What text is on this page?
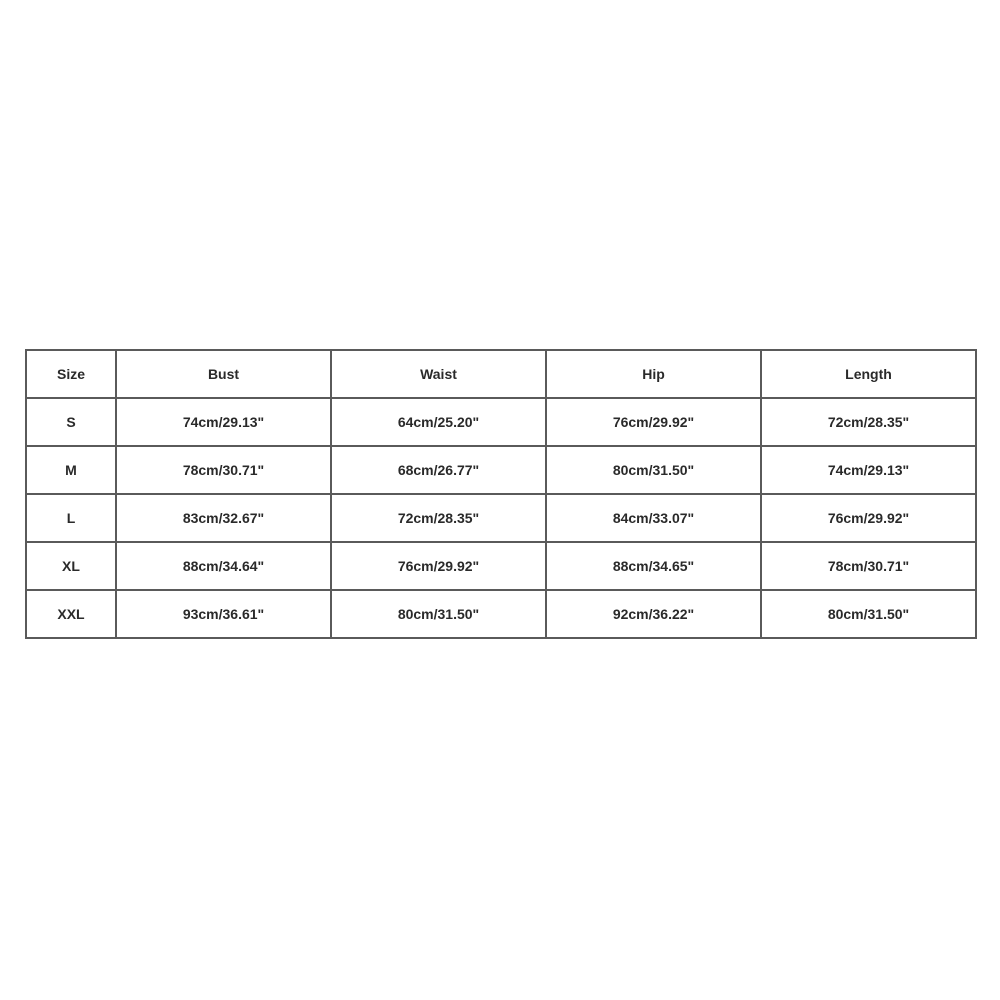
Size	Bust	Waist	Hip	Length
S	74cm/29.13"	64cm/25.20"	76cm/29.92"	72cm/28.35"
M	78cm/30.71"	68cm/26.77"	80cm/31.50"	74cm/29.13"
L	83cm/32.67"	72cm/28.35"	84cm/33.07"	76cm/29.92"
XL	88cm/34.64"	76cm/29.92"	88cm/34.65"	78cm/30.71"
XXL	93cm/36.61"	80cm/31.50"	92cm/36.22"	80cm/31.50"
